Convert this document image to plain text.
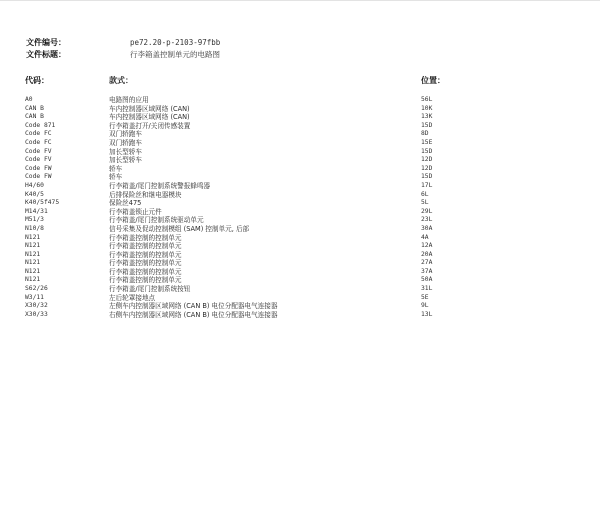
文件编号：	pe72.20-p-2103-97fbb
文件标题：	行李箱盖控制单元的电路图
代码：	款式：	位置：
A0	电路图的应用	56L
CAN B	车内控制器区域网络 (CAN)	10K
CAN B	车内控制器区域网络 (CAN)	13K
Code 871	行李箱盖打开/关闭传感装置	15D
Code FC	双门轿跑车	8D
Code FC	双门轿跑车	15E
Code FV	加长型轿车	15D
Code FV	加长型轿车	12D
Code FW	轿车	12D
Code FW	轿车	15D
H4/60	行李箱盖/尾门控制系统警报蜂鸣器	17L
K40/5	后排保险丝和继电器模块	6L
K40/5f475	保险丝475	5L
M14/31	行李箱盖锁止元件	29L
M51/3	行李箱盖/尾门控制系统驱动单元	23L
N10/8	信号采集及促动控制模组 (SAM) 控制单元, 后部	30A
N121	行李箱盖控制的控制单元	4A
N121	行李箱盖控制的控制单元	12A
N121	行李箱盖控制的控制单元	20A
N121	行李箱盖控制的控制单元	27A
N121	行李箱盖控制的控制单元	37A
N121	行李箱盖控制的控制单元	50A
S62/26	行李箱盖/尾门控制系统按钮	31L
W3/11	左后轮罩接地点	5E
X30/32	左侧车内控制器区域网络 (CAN B) 电位分配器电气连接器	9L
X30/33	右侧车内控制器区域网络 (CAN B) 电位分配器电气连接器	13L
